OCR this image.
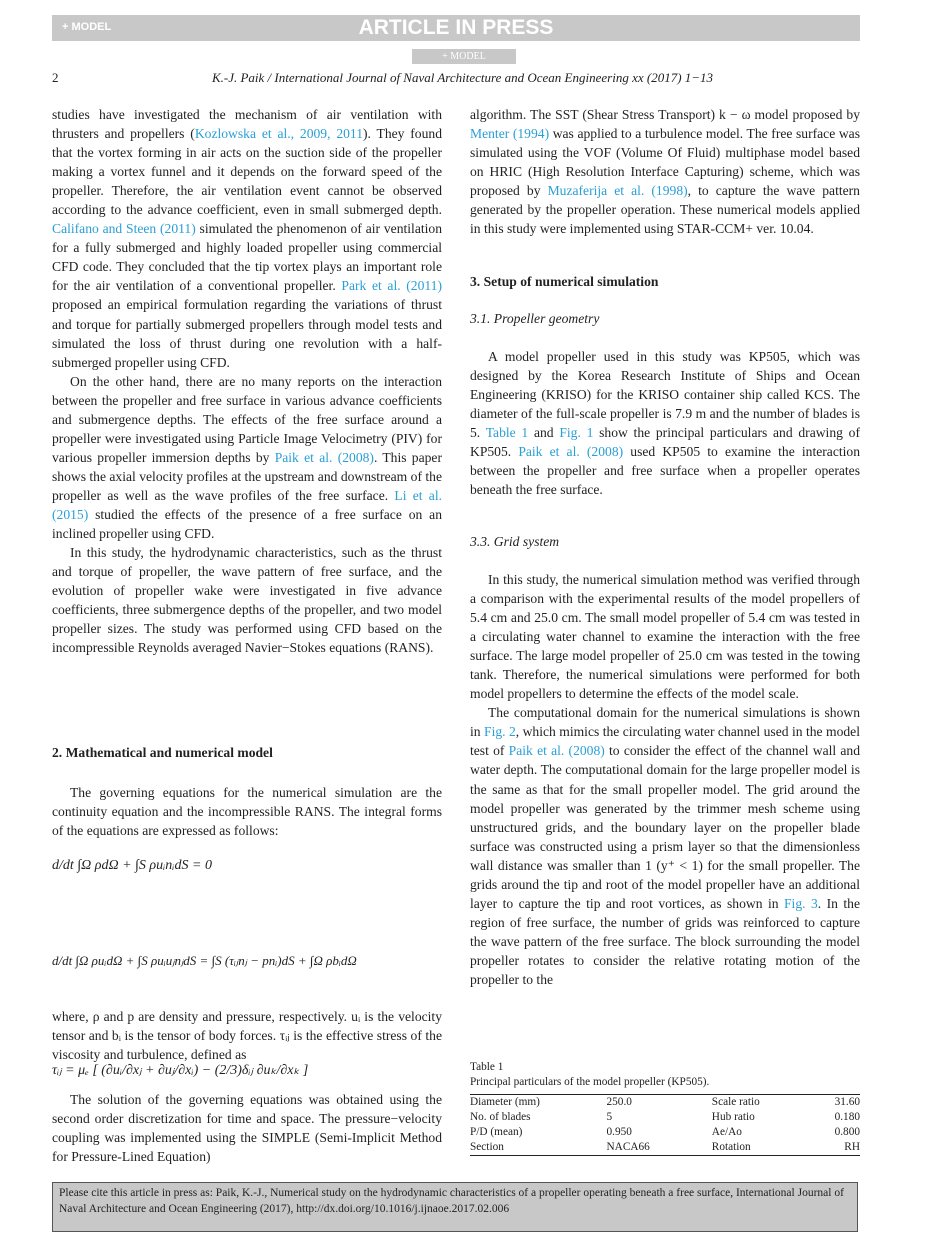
+ MODEL	ARTICLE IN PRESS
+ MODEL
2	K.-J. Paik / International Journal of Naval Architecture and Ocean Engineering xx (2017) 1−13

studies have investigated the mechanism of air ventilation with thrusters and propellers (Kozlowska et al., 2009, 2011). They found that the vortex forming in air acts on the suction side of the propeller making a vortex funnel and it depends on the forward speed of the propeller. Therefore, the air ventilation event cannot be observed according to the advance coefficient, even in small submerged depth. Califano and Steen (2011) simulated the phenomenon of air ventilation for a fully submerged and highly loaded propeller using commercial CFD code. They concluded that the tip vortex plays an important role for the air ventilation of a conventional propeller. Park et al. (2011) proposed an empirical formulation regarding the variations of thrust and torque for partially submerged propellers through model tests and simulated the loss of thrust during one revolution with a half-submerged propeller using CFD.

On the other hand, there are no many reports on the interaction between the propeller and free surface in various advance coefficients and submergence depths. The effects of the free surface around a propeller were investigated using Particle Image Velocimetry (PIV) for various propeller immersion depths by Paik et al. (2008). This paper shows the axial velocity profiles at the upstream and downstream of the propeller as well as the wave profiles of the free surface. Li et al. (2015) studied the effects of the presence of a free surface on an inclined propeller using CFD.

In this study, the hydrodynamic characteristics, such as the thrust and torque of propeller, the wave pattern of free surface, and the evolution of propeller wake were investigated in five advance coefficients, three submergence depths of the propeller, and two model propeller sizes. The study was performed using CFD based on the incompressible Reynolds averaged Navier−Stokes equations (RANS).

2. Mathematical and numerical model

The governing equations for the numerical simulation are the continuity equation and the incompressible RANS. The integral forms of the equations are expressed as follows:

d/dt ∫Ω ρdΩ + ∫S ρuᵢnᵢdS = 0
d/dt ∫Ω ρuᵢdΩ + ∫S ρuᵢuⱼnⱼdS = ∫S (τᵢⱼnⱼ − pnᵢ)dS + ∫Ω ρbᵢdΩ

where, ρ and p are density and pressure, respectively. uᵢ is the velocity tensor and bᵢ is the tensor of body forces. τᵢⱼ is the effective stress of the viscosity and turbulence, defined as

τᵢⱼ = μₑ [ (∂uᵢ/∂xⱼ + ∂uⱼ/∂xᵢ) − (2/3)δᵢⱼ ∂uₖ/∂xₖ ]

The solution of the governing equations was obtained using the second order discretization for time and space. The pressure−velocity coupling was implemented using the SIMPLE (Semi-Implicit Method for Pressure-Lined Equation)

algorithm. The SST (Shear Stress Transport) k − ω model proposed by Menter (1994) was applied to a turbulence model. The free surface was simulated using the VOF (Volume Of Fluid) multiphase model based on HRIC (High Resolution Interface Capturing) scheme, which was proposed by Muzaferija et al. (1998), to capture the wave pattern generated by the propeller operation. These numerical models applied in this study were implemented using STAR-CCM+ ver. 10.04.

3. Setup of numerical simulation
3.1. Propeller geometry

A model propeller used in this study was KP505, which was designed by the Korea Research Institute of Ships and Ocean Engineering (KRISO) for the KRISO container ship called KCS. The diameter of the full-scale propeller is 7.9 m and the number of blades is 5. Table 1 and Fig. 1 show the principal particulars and drawing of KP505. Paik et al. (2008) used KP505 to examine the interaction between the propeller and free surface when a propeller operates beneath the free surface.

3.3. Grid system

In this study, the numerical simulation method was verified through a comparison with the experimental results of the model propellers of 5.4 cm and 25.0 cm. The small model propeller of 5.4 cm was tested in a circulating water channel to examine the interaction with the free surface. The large model propeller of 25.0 cm was tested in the towing tank. Therefore, the numerical simulations were performed for both model propellers to determine the effects of the model scale.

The computational domain for the numerical simulations is shown in Fig. 2, which mimics the circulating water channel used in the model test of Paik et al. (2008) to consider the effect of the channel wall and water depth. The computational domain for the large propeller model is the same as that for the small propeller model. The grid around the model propeller was generated by the trimmer mesh scheme using unstructured grids, and the boundary layer on the propeller blade surface was constructed using a prism layer so that the dimensionless wall distance was smaller than 1 (y⁺ < 1) for the small propeller. The grids around the tip and root of the model propeller have an additional layer to capture the tip and root vortices, as shown in Fig. 3. In the region of free surface, the number of grids was reinforced to capture the wave pattern of the free surface. The block surrounding the model propeller rotates to consider the relative rotating motion of the propeller to the

Table 1
Principal particulars of the model propeller (KP505).
Diameter (mm)	250.0	Scale ratio	31.60
No. of blades	5	Hub ratio	0.180
P/D (mean)	0.950	Ae/Ao	0.800
Section	NACA66	Rotation	RH
Please cite this article in press as: Paik, K.-J., Numerical study on the hydrodynamic characteristics of a propeller operating beneath a free surface, International Journal of Naval Architecture and Ocean Engineering (2017), http://dx.doi.org/10.1016/j.ijnaoe.2017.02.006
